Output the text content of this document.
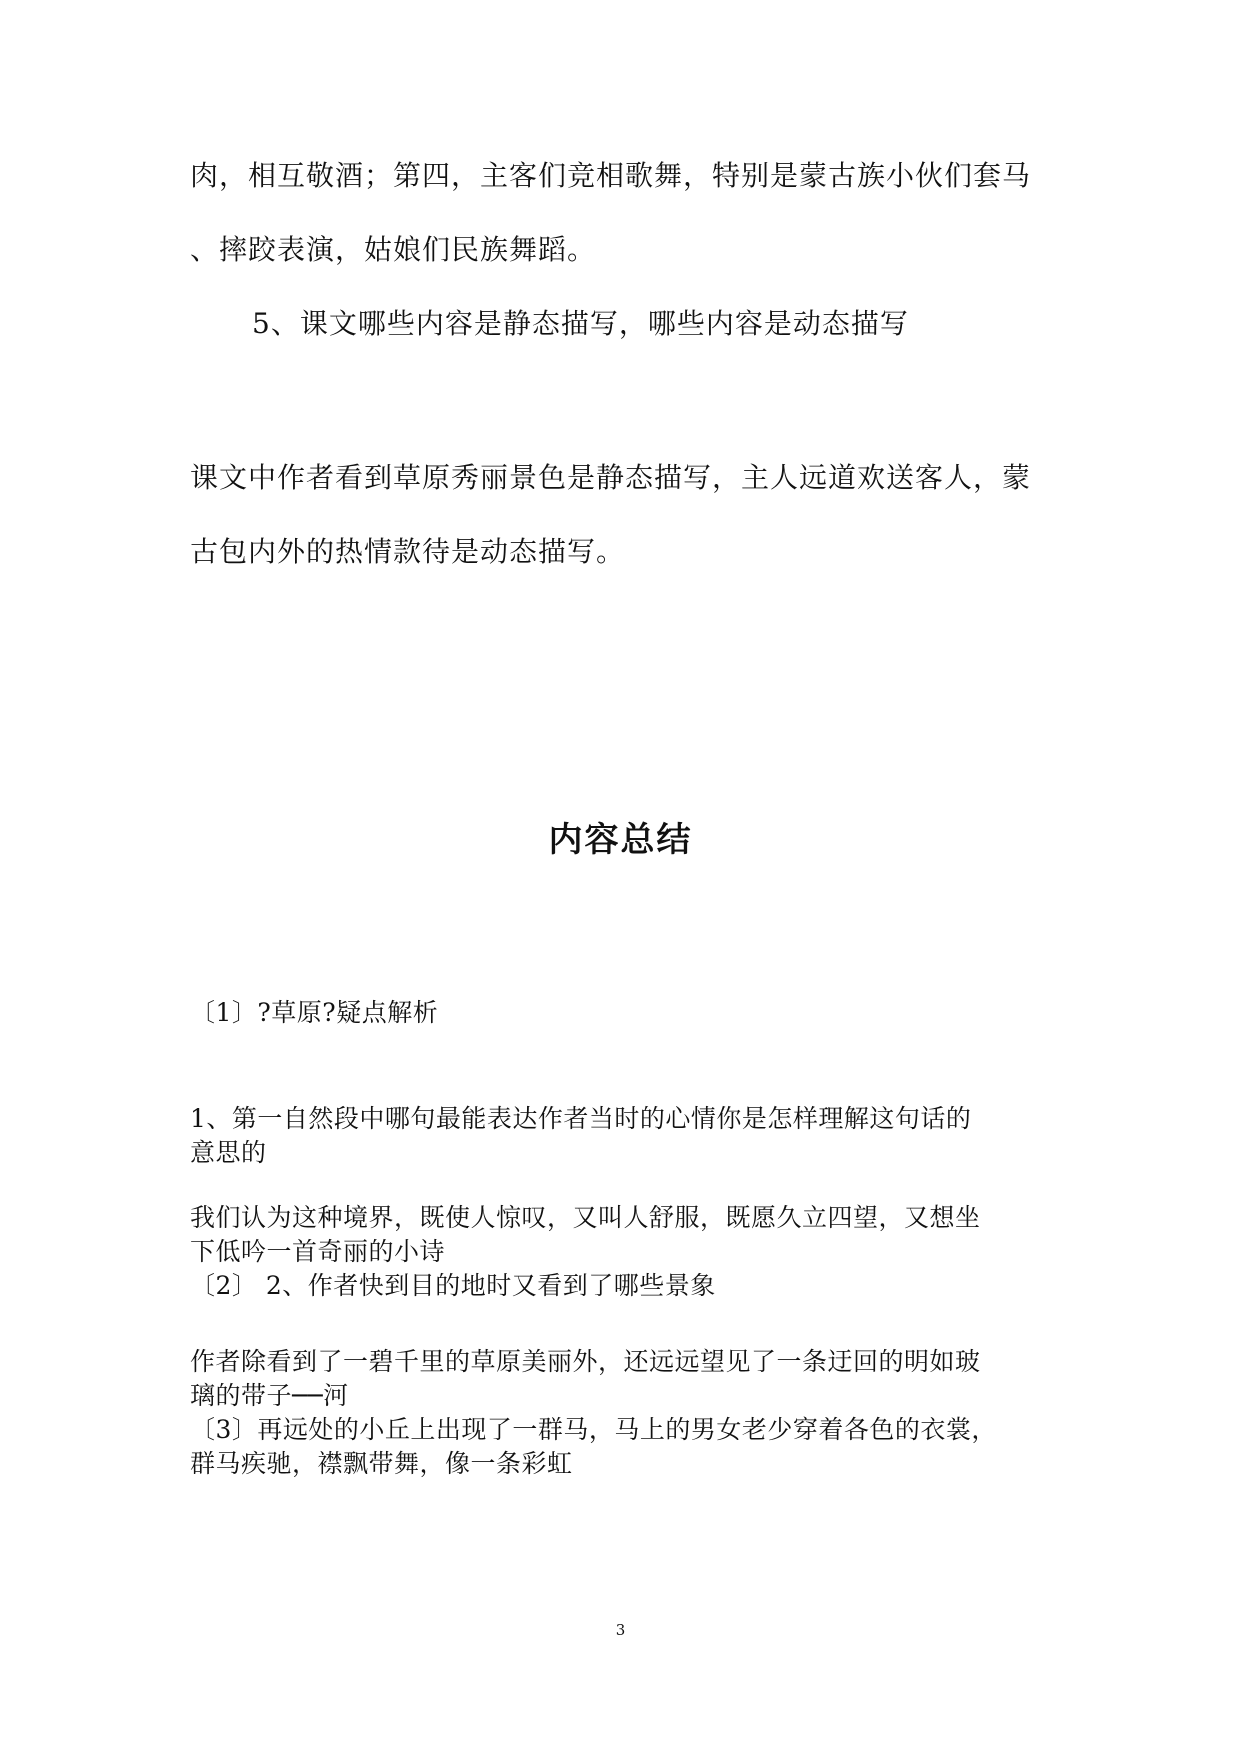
肉，相互敬酒；第四，主客们竞相歌舞，特别是蒙古族小伙们套马
、摔跤表演，姑娘们民族舞蹈。
5、课文哪些内容是静态描写，哪些内容是动态描写
课文中作者看到草原秀丽景色是静态描写，主人远道欢送客人，蒙
古包内外的热情款待是动态描写。
内容总结
〔1〕?草原?疑点解析
1、第一自然段中哪句最能表达作者当时的心情你是怎样理解这句话的
意思的
我们认为这种境界，既使人惊叹，又叫人舒服，既愿久立四望，又想坐
下低吟一首奇丽的小诗
〔2〕 2、作者快到目的地时又看到了哪些景象
作者除看到了一碧千里的草原美丽外，还远远望见了一条迂回的明如玻
璃的带子──河
〔3〕再远处的小丘上出现了一群马，马上的男女老少穿着各色的衣裳，
群马疾驰，襟飘带舞，像一条彩虹
3
